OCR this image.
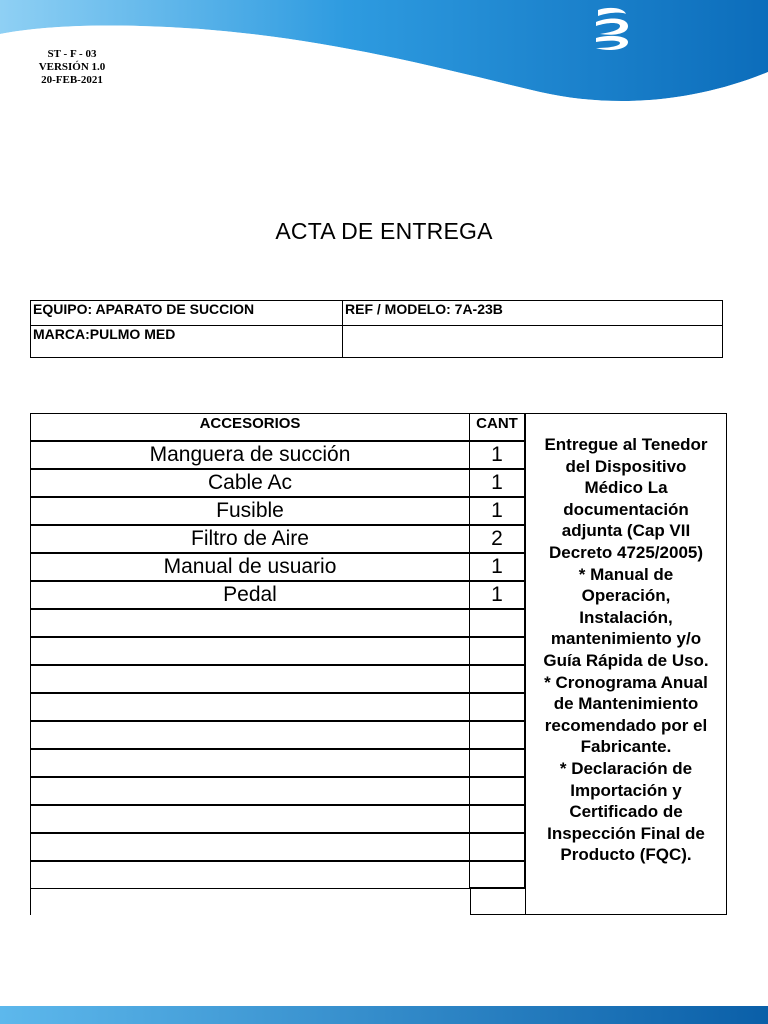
ST - F - 03
VERSIÓN 1.0
20-FEB-2021
ACTA DE ENTREGA
EQUIPO: APARATO DE SUCCION	REF / MODELO: 7A-23B
MARCA:PULMO MED
ACCESORIOS	CANT
Manguera de succión	1
Cable Ac	1
Fusible	1
Filtro de Aire	2
Manual de usuario	1
Pedal	1
Entregue al Tenedor
del Dispositivo
Médico La
documentación
adjunta (Cap VII
Decreto 4725/2005)
* Manual de
Operación,
Instalación,
mantenimiento y/o
Guía Rápida de Uso.
* Cronograma Anual
de Mantenimiento
recomendado por el
Fabricante.
* Declaración de
Importación y
Certificado de
Inspección Final de
Producto (FQC).
